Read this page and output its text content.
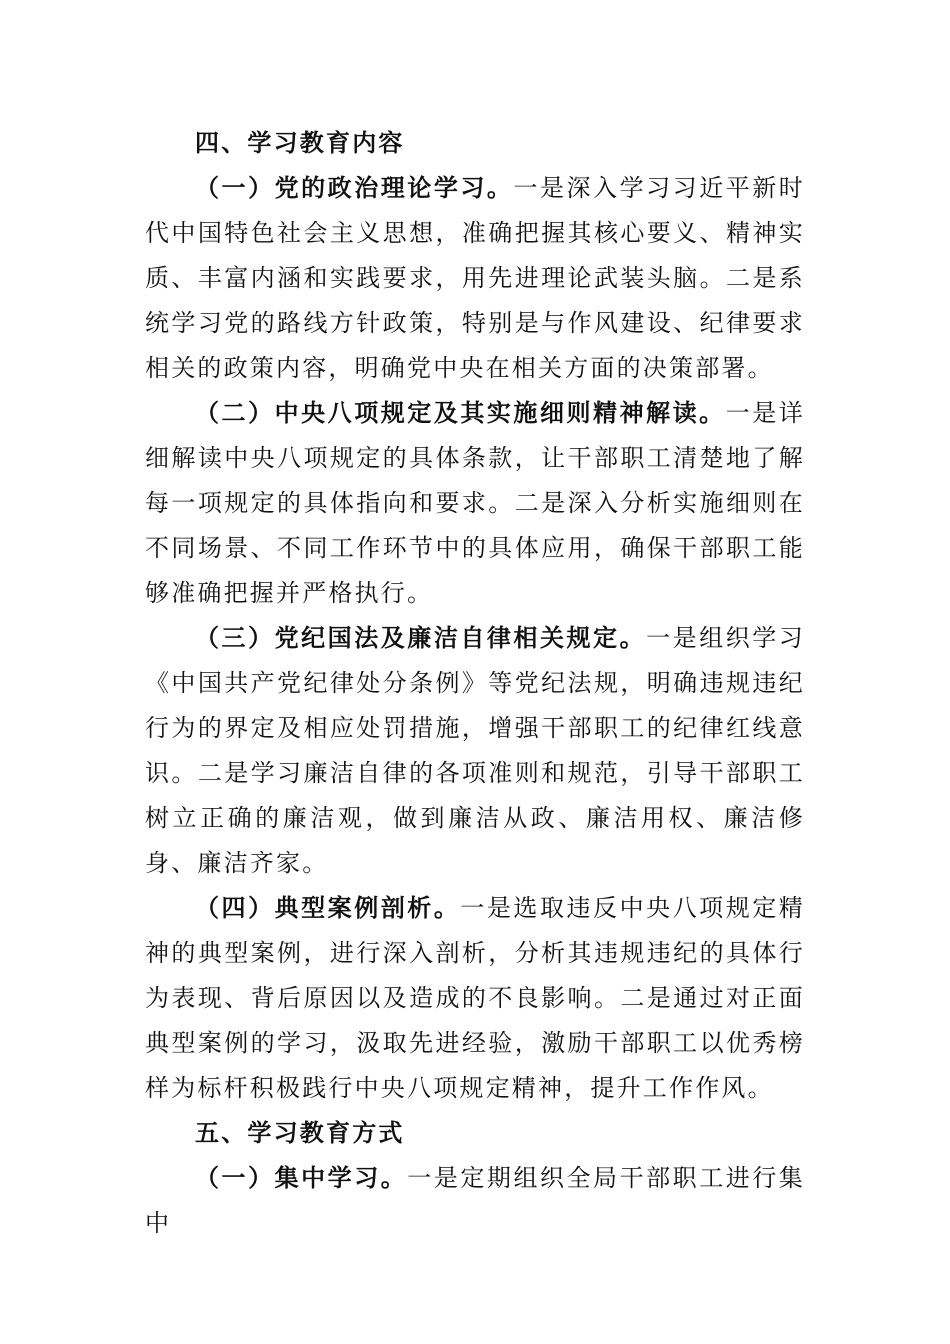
四、学习教育内容

（一）党的政治理论学习。一是深入学习习近平新时代中国特色社会主义思想，准确把握其核心要义、精神实质、丰富内涵和实践要求，用先进理论武装头脑。二是系统学习党的路线方针政策，特别是与作风建设、纪律要求相关的政策内容，明确党中央在相关方面的决策部署。

（二）中央八项规定及其实施细则精神解读。一是详细解读中央八项规定的具体条款，让干部职工清楚地了解每一项规定的具体指向和要求。二是深入分析实施细则在不同场景、不同工作环节中的具体应用，确保干部职工能够准确把握并严格执行。

（三）党纪国法及廉洁自律相关规定。一是组织学习《中国共产党纪律处分条例》等党纪法规，明确违规违纪行为的界定及相应处罚措施，增强干部职工的纪律红线意识。二是学习廉洁自律的各项准则和规范，引导干部职工树立正确的廉洁观，做到廉洁从政、廉洁用权、廉洁修身、廉洁齐家。

（四）典型案例剖析。一是选取违反中央八项规定精神的典型案例，进行深入剖析，分析其违规违纪的具体行为表现、背后原因以及造成的不良影响。二是通过对正面典型案例的学习，汲取先进经验，激励干部职工以优秀榜样为标杆积极践行中央八项规定精神，提升工作作风。

五、学习教育方式

（一）集中学习。一是定期组织全局干部职工进行集中
